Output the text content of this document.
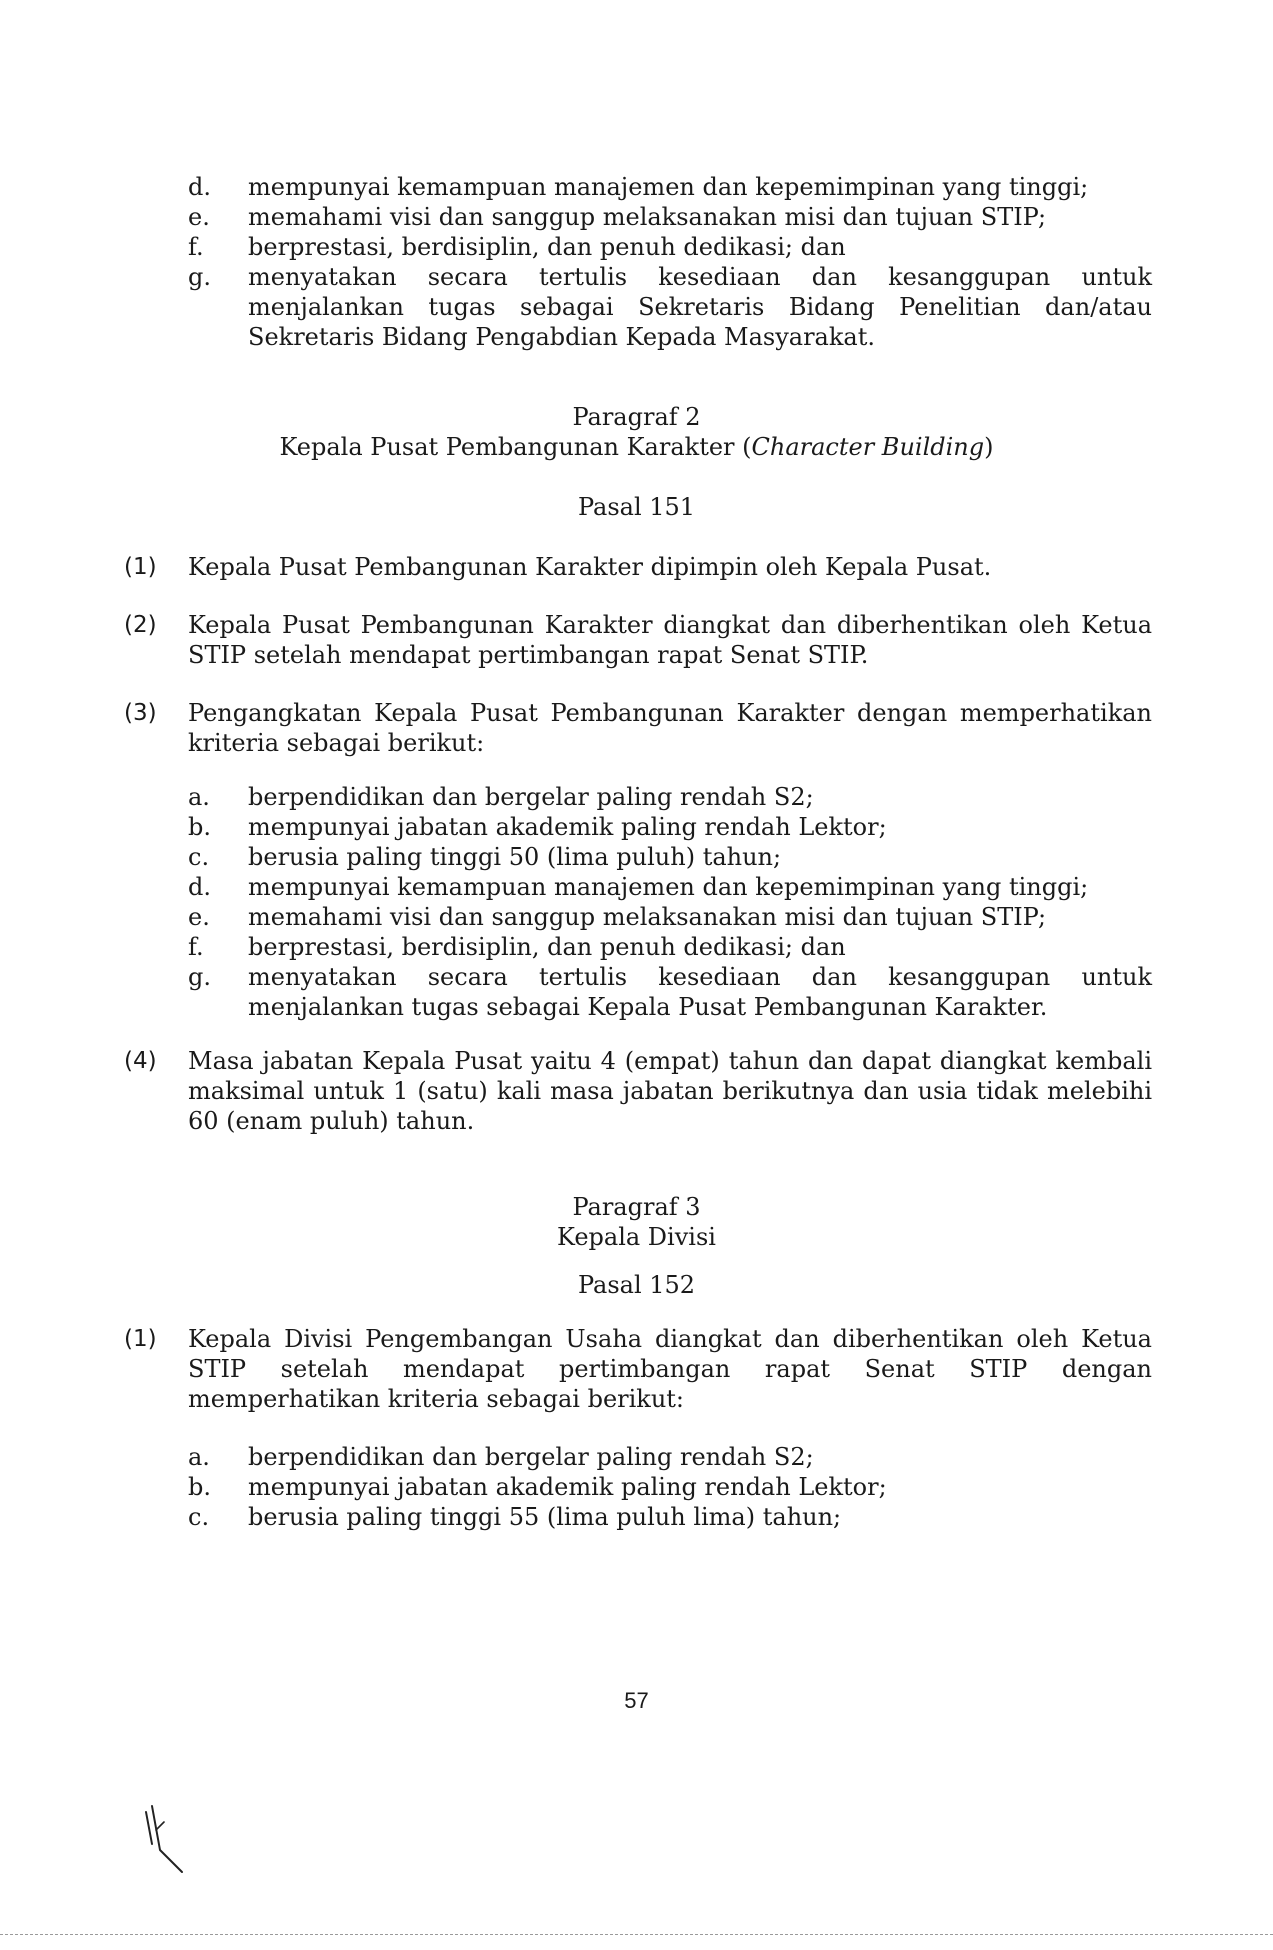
d.	mempunyai kemampuan manajemen dan kepemimpinan yang tinggi;
e.	memahami visi dan sanggup melaksanakan misi dan tujuan STIP;
f.	berprestasi, berdisiplin, dan penuh dedikasi; dan
g.	menyatakan secara tertulis kesediaan dan kesanggupan untuk menjalankan tugas sebagai Sekretaris Bidang Penelitian dan/atau Sekretaris Bidang Pengabdian Kepada Masyarakat.
Paragraf 2
Kepala Pusat Pembangunan Karakter (Character Building)
Pasal 151
(1)	Kepala Pusat Pembangunan Karakter dipimpin oleh Kepala Pusat.
(2)	Kepala Pusat Pembangunan Karakter diangkat dan diberhentikan oleh Ketua STIP setelah mendapat pertimbangan rapat Senat STIP.
(3)	Pengangkatan Kepala Pusat Pembangunan Karakter dengan memperhatikan kriteria sebagai berikut:
a.	berpendidikan dan bergelar paling rendah S2;
b.	mempunyai jabatan akademik paling rendah Lektor;
c.	berusia paling tinggi 50 (lima puluh) tahun;
d.	mempunyai kemampuan manajemen dan kepemimpinan yang tinggi;
e.	memahami visi dan sanggup melaksanakan misi dan tujuan STIP;
f.	berprestasi, berdisiplin, dan penuh dedikasi; dan
g.	menyatakan secara tertulis kesediaan dan kesanggupan untuk menjalankan tugas sebagai Kepala Pusat Pembangunan Karakter.
(4)	Masa jabatan Kepala Pusat yaitu 4 (empat) tahun dan dapat diangkat kembali maksimal untuk 1 (satu) kali masa jabatan berikutnya dan usia tidak melebihi 60 (enam puluh) tahun.
Paragraf 3
Kepala Divisi
Pasal 152
(1)	Kepala Divisi Pengembangan Usaha diangkat dan diberhentikan oleh Ketua STIP setelah mendapat pertimbangan rapat Senat STIP dengan memperhatikan kriteria sebagai berikut:
a.	berpendidikan dan bergelar paling rendah S2;
b.	mempunyai jabatan akademik paling rendah Lektor;
c.	berusia paling tinggi 55 (lima puluh lima) tahun;
57
